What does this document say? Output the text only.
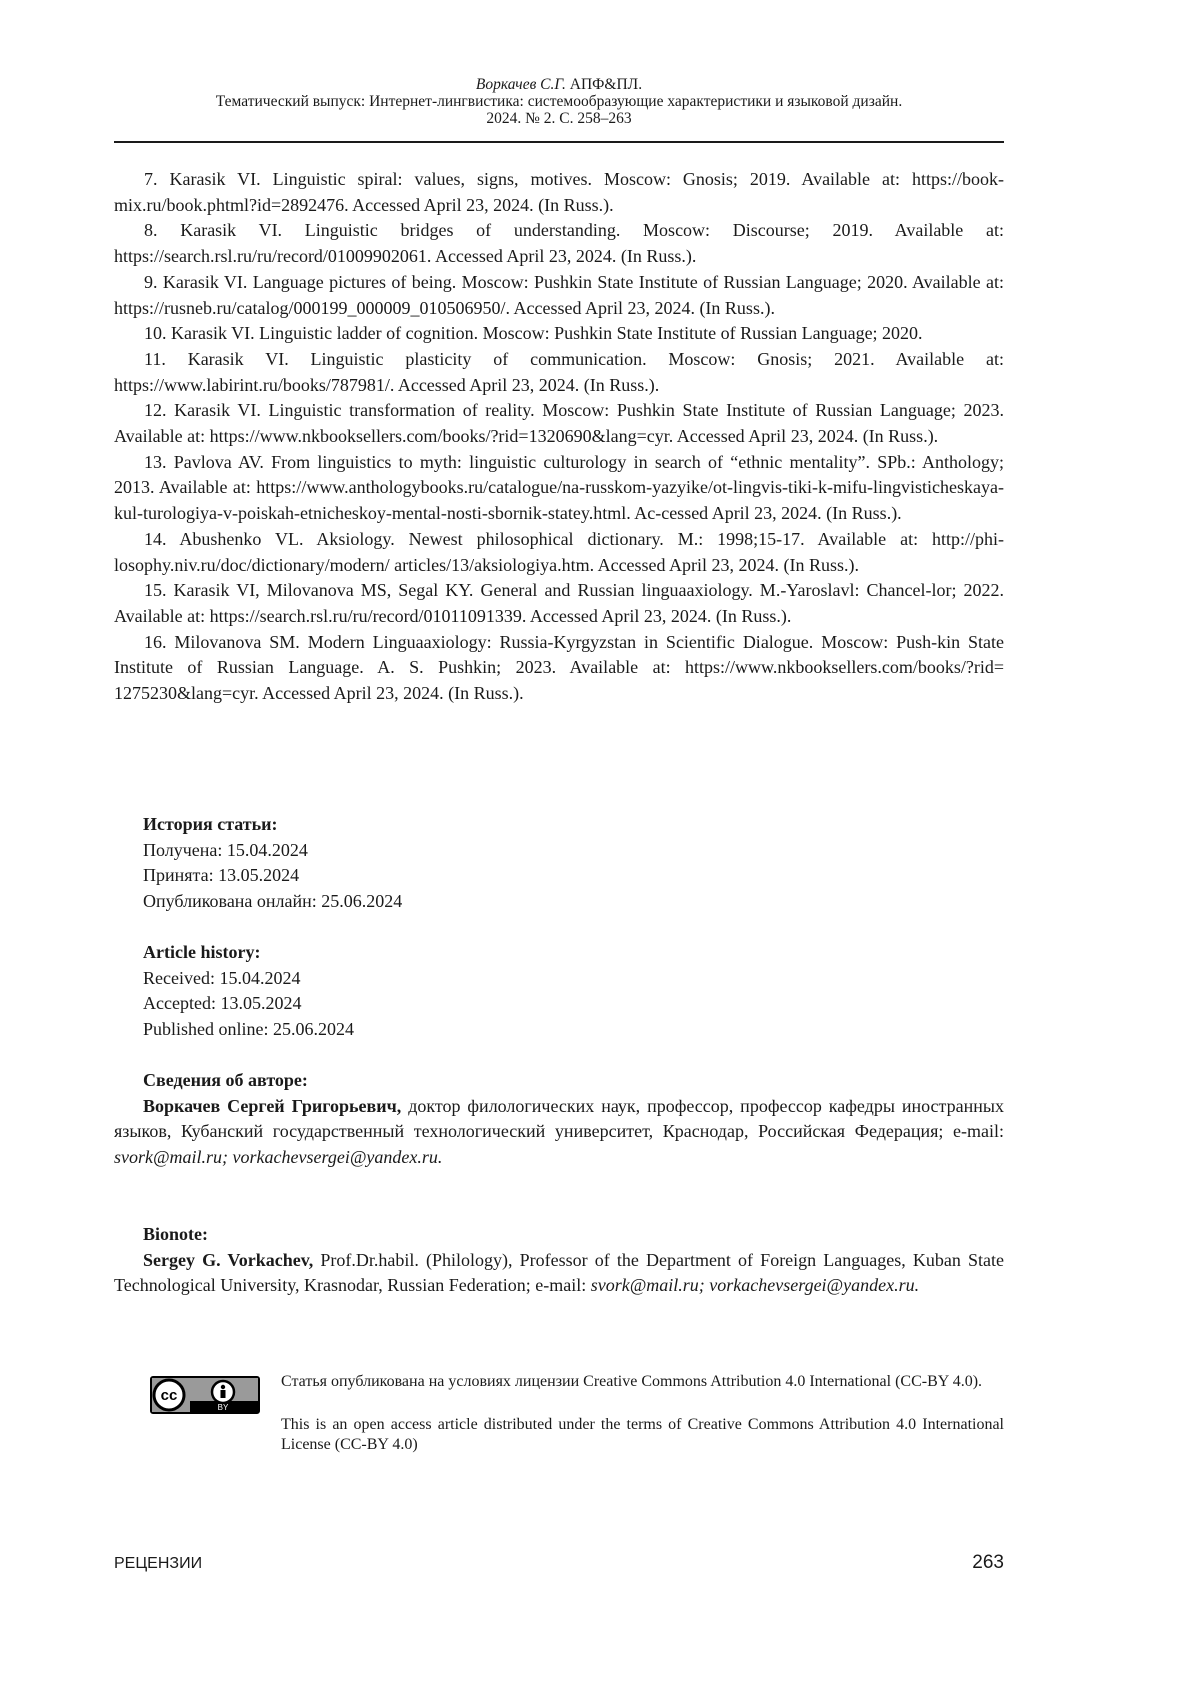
Воркачев С.Г. АПФ&ПЛ.
Тематический выпуск: Интернет-лингвистика: системообразующие характеристики и языковой дизайн.
2024. № 2. С. 258–263

7. Karasik VI. Linguistic spiral: values, signs, motives. Moscow: Gnosis; 2019. Available at: https://book-mix.ru/book.phtml?id=2892476. Accessed April 23, 2024. (In Russ.).

8. Karasik VI. Linguistic bridges of understanding. Moscow: Discourse; 2019. Available at: https://search.rsl.ru/ru/record/01009902061. Accessed April 23, 2024. (In Russ.).

9. Karasik VI. Language pictures of being. Moscow: Pushkin State Institute of Russian Language; 2020. Available at: https://rusneb.ru/catalog/000199_000009_010506950/. Accessed April 23, 2024. (In Russ.).

10. Karasik VI. Linguistic ladder of cognition. Moscow: Pushkin State Institute of Russian Language; 2020.

11. Karasik VI. Linguistic plasticity of communication. Moscow: Gnosis; 2021. Available at: https://www.labirint.ru/books/787981/. Accessed April 23, 2024. (In Russ.).

12. Karasik VI. Linguistic transformation of reality. Moscow: Pushkin State Institute of Russian Language; 2023. Available at: https://www.nkbooksellers.com/books/?rid=1320690&lang=cyr. Accessed April 23, 2024. (In Russ.).

13. Pavlova AV. From linguistics to myth: linguistic culturology in search of “ethnic mentality”. SPb.: Anthology; 2013. Available at: https://www.anthologybooks.ru/catalogue/na-russkom-yazyike/ot-lingvis-tiki-k-mifu-lingvisticheskaya-kul-turologiya-v-poiskah-etnicheskoy-mental-nosti-sbornik-statey.html. Ac-cessed April 23, 2024. (In Russ.).

14. Abushenko VL. Aksiology. Newest philosophical dictionary. M.: 1998;15-17. Available at: http://phi-losophy.niv.ru/doc/dictionary/modern/ articles/13/aksiologiya.htm. Accessed April 23, 2024. (In Russ.).

15. Karasik VI, Milovanova MS, Segal KY. General and Russian linguaaxiology. M.-Yaroslavl: Chancel-lor; 2022. Available at: https://search.rsl.ru/ru/record/01011091339. Accessed April 23, 2024. (In Russ.).

16. Milovanova SM. Modern Linguaaxiology: Russia-Kyrgyzstan in Scientific Dialogue. Moscow: Push-kin State Institute of Russian Language. A. S. Pushkin; 2023. Available at: https://www.nkbooksellers.com/books/?rid= 1275230&lang=cyr. Accessed April 23, 2024. (In Russ.).

История статьи:

Получена: 15.04.2024

Принята: 13.05.2024

Опубликована онлайн: 25.06.2024

Article history:

Received: 15.04.2024

Accepted: 13.05.2024

Published online: 25.06.2024

Сведения об авторе:

Воркачев Сергей Григорьевич, доктор филологических наук, профессор, профессор кафедры иностранных языков, Кубанский государственный технологический университет, Краснодар, Российская Федерация; e-mail: svork@mail.ru; vorkachevsergei@yandex.ru.

Bionote:

Sergey G. Vorkachev, Prof.Dr.habil. (Philology), Professor of the Department of Foreign Languages, Kuban State Technological University, Krasnodar, Russian Federation; e-mail: svork@mail.ru; vorkachevsergei@yandex.ru.

cc
BY

Статья опубликована на условиях лицензии Creative Commons Attribution 4.0 International (CC-BY 4.0).

This is an open access article distributed under the terms of Creative Commons Attribution 4.0 International License (CC-BY 4.0)

РЕЦЕНЗИИ	263
